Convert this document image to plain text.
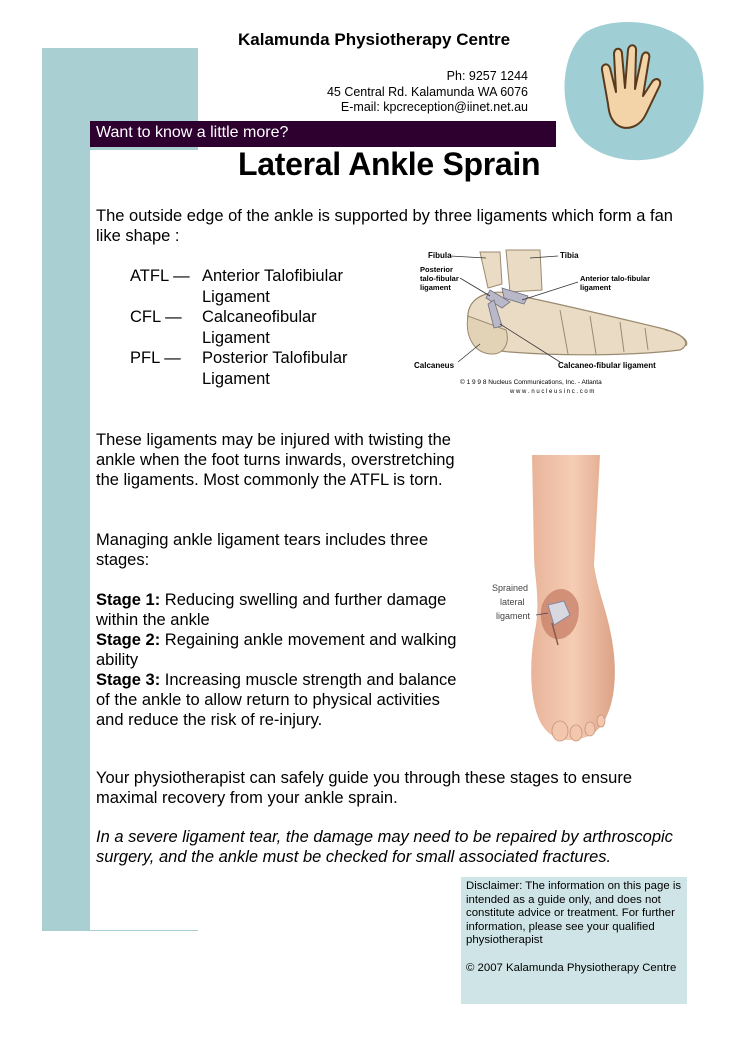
Kalamunda Physiotherapy Centre
Ph: 9257 1244
45 Central Rd. Kalamunda WA 6076
E-mail: kpcreception@iinet.net.au
Want to know a little more?
Lateral Ankle Sprain
The outside edge of the ankle is supported by three ligaments which form a fan like shape :
ATFL — Anterior Talofibiular Ligament
CFL —	Calcaneofibular Ligament
PFL —	Posterior Talofibular Ligament
Fibula	Tibia
Posterior
talo-fibular
ligament
Anterior talo-fibular
ligament
Calcaneus	Calcaneo-fibular ligament
© 1 9 9 8 Nucleus Communications, Inc. - Atlanta
w w w . n u c l e u s i n c . c o m
These ligaments may be injured with twisting the ankle when the foot turns inwards, overstretching the ligaments. Most commonly the ATFL is torn.
Managing ankle ligament tears includes three stages:
Stage 1: Reducing swelling and further damage within the ankle
Stage 2: Regaining ankle movement and walking ability
Stage 3: Increasing muscle strength and balance of the ankle to allow return to physical activities and reduce the risk of re-injury.
Sprained
lateral
ligament
Your physiotherapist can safely guide you through these stages to ensure maximal recovery from your ankle sprain.
In a severe ligament tear, the damage may need to be repaired by arthroscopic surgery, and the ankle must be checked for small associated fractures.
Disclaimer: The information on this page is intended as a guide only, and does not constitute advice or treatment. For further information, please see your qualified physiotherapist
© 2007 Kalamunda Physiotherapy Centre
